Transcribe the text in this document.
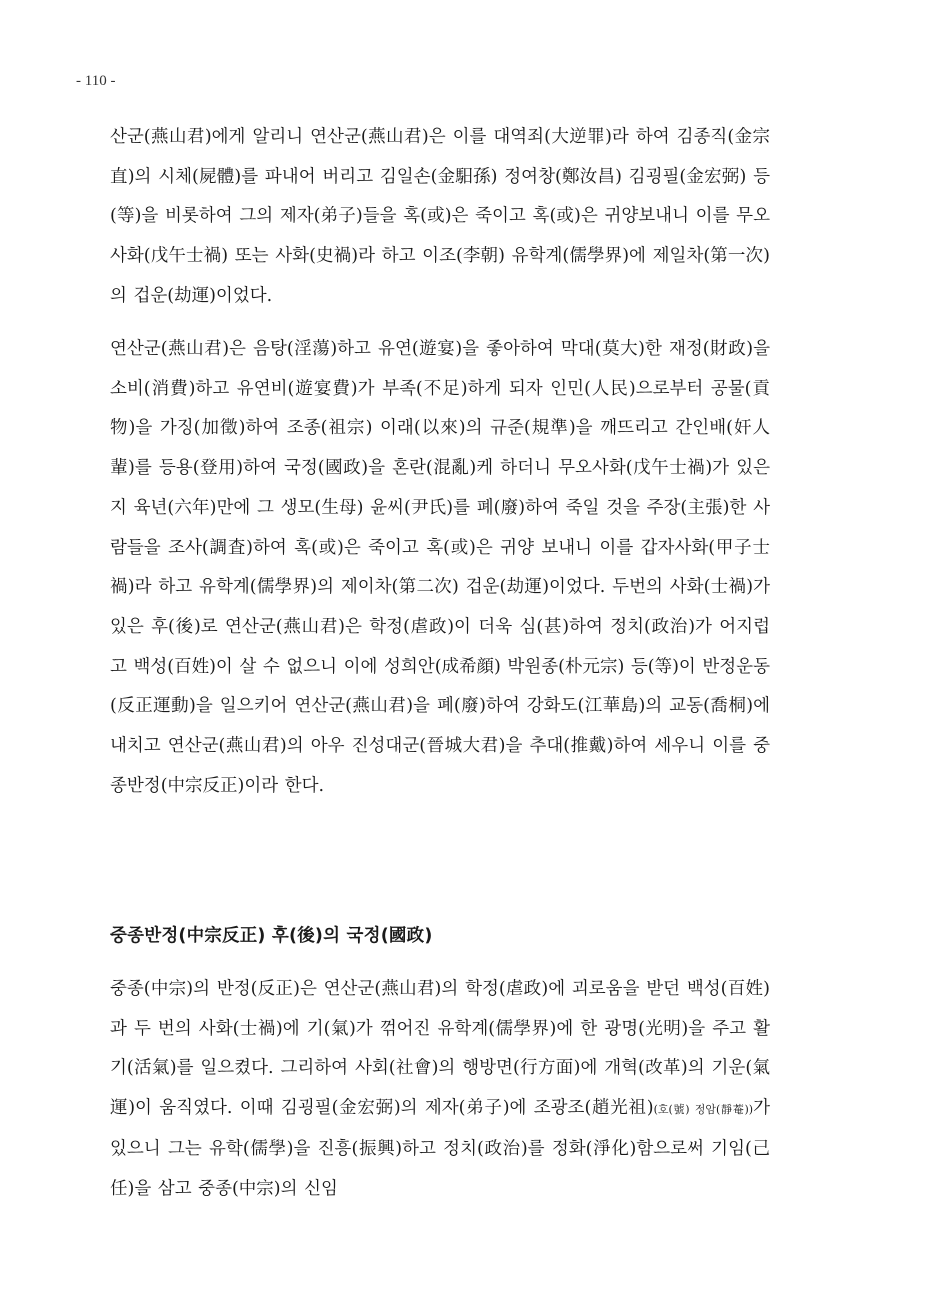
- 110 -

산군(燕山君)에게 알리니 연산군(燕山君)은 이를 대역죄(大逆罪)라 하여 김종직(金宗直)의 시체(屍體)를 파내어 버리고 김일손(金馹孫) 정여창(鄭汝昌) 김굉필(金宏弼) 등(等)을 비롯하여 그의 제자(弟子)들을 혹(或)은 죽이고 혹(或)은 귀양보내니 이를 무오사화(戊午士禍) 또는 사화(史禍)라 하고 이조(李朝) 유학계(儒學界)에 제일차(第一次)의 겁운(劫運)이었다.

연산군(燕山君)은 음탕(淫蕩)하고 유연(遊宴)을 좋아하여 막대(莫大)한 재정(財政)을 소비(消費)하고 유연비(遊宴費)가 부족(不足)하게 되자 인민(人民)으로부터 공물(貢物)을 가징(加徵)하여 조종(祖宗) 이래(以來)의 규준(規準)을 깨뜨리고 간인배(奸人輩)를 등용(登用)하여 국정(國政)을 혼란(混亂)케 하더니 무오사화(戊午士禍)가 있은지 육년(六年)만에 그 생모(生母) 윤씨(尹氏)를 폐(廢)하여 죽일 것을 주장(主張)한 사람들을 조사(調査)하여 혹(或)은 죽이고 혹(或)은 귀양 보내니 이를 갑자사화(甲子士禍)라 하고 유학계(儒學界)의 제이차(第二次) 겁운(劫運)이었다. 두번의 사화(士禍)가 있은 후(後)로 연산군(燕山君)은 학정(虐政)이 더욱 심(甚)하여 정치(政治)가 어지럽고 백성(百姓)이 살 수 없으니 이에 성희안(成希顔) 박원종(朴元宗) 등(等)이 반정운동(反正運動)을 일으키어 연산군(燕山君)을 폐(廢)하여 강화도(江華島)의 교동(喬桐)에 내치고 연산군(燕山君)의 아우 진성대군(晉城大君)을 추대(推戴)하여 세우니 이를 중종반정(中宗反正)이라 한다.

중종반정(中宗反正) 후(後)의 국정(國政)

중종(中宗)의 반정(反正)은 연산군(燕山君)의 학정(虐政)에 괴로움을 받던 백성(百姓)과 두 번의 사화(士禍)에 기(氣)가 꺾어진 유학계(儒學界)에 한 광명(光明)을 주고 활기(活氣)를 일으켰다. 그리하여 사회(社會)의 행방면(行方面)에 개혁(改革)의 기운(氣運)이 움직였다. 이때 김굉필(金宏弼)의 제자(弟子)에 조광조(趙光祖)(호(號) 정암(靜菴))가 있으니 그는 유학(儒學)을 진흥(振興)하고 정치(政治)를 정화(淨化)함으로써 기임(己任)을 삼고 중종(中宗)의 신임
